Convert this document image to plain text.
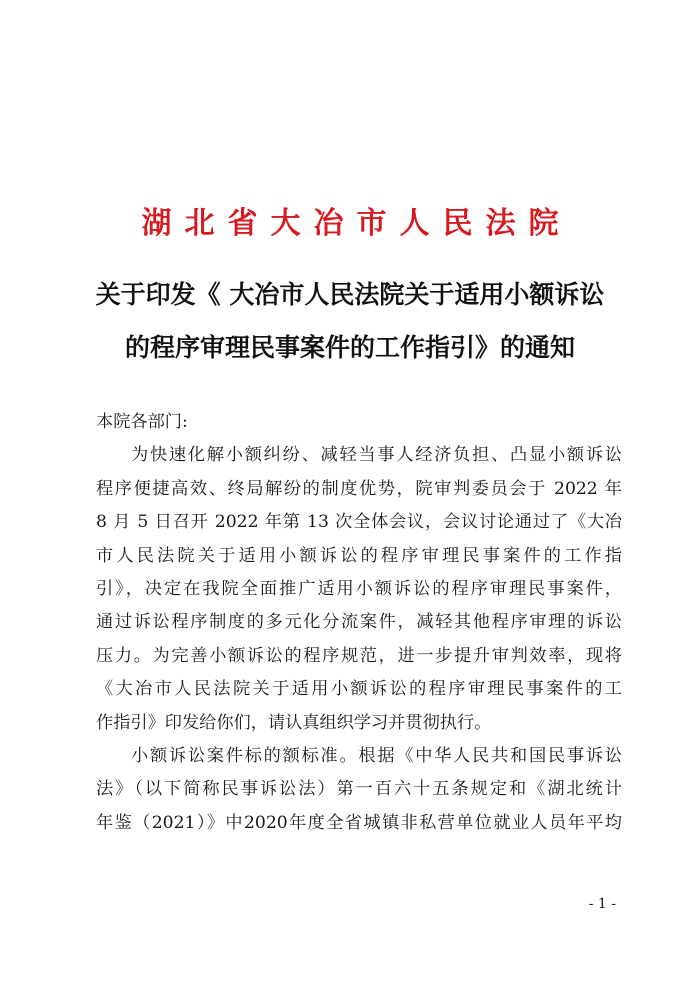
湖北省大冶市人民法院
关于印发《 大冶市人民法院关于适用小额诉讼
的程序审理民事案件的工作指引》的通知
本院各部门:
为快速化解小额纠纷、减轻当事人经济负担、凸显小额诉讼
程序便捷高效、终局解纷的制度优势，院审判委员会于 2022 年
8 月 5 日召开 2022 年第 13 次全体会议，会议讨论通过了《大冶
市人民法院关于适用小额诉讼的程序审理民事案件的工作指
引》，决定在我院全面推广适用小额诉讼的程序审理民事案件，
通过诉讼程序制度的多元化分流案件，减轻其他程序审理的诉讼
压力。为完善小额诉讼的程序规范，进一步提升审判效率，现将
《大冶市人民法院关于适用小额诉讼的程序审理民事案件的工
作指引》印发给你们，请认真组织学习并贯彻执行。
小额诉讼案件标的额标准。根据《中华人民共和国民事诉讼
法》（以下简称民事诉讼法）第一百六十五条规定和《湖北统计
年鉴（2021）》中2020年度全省城镇非私营单位就业人员年平均
- 1 -
